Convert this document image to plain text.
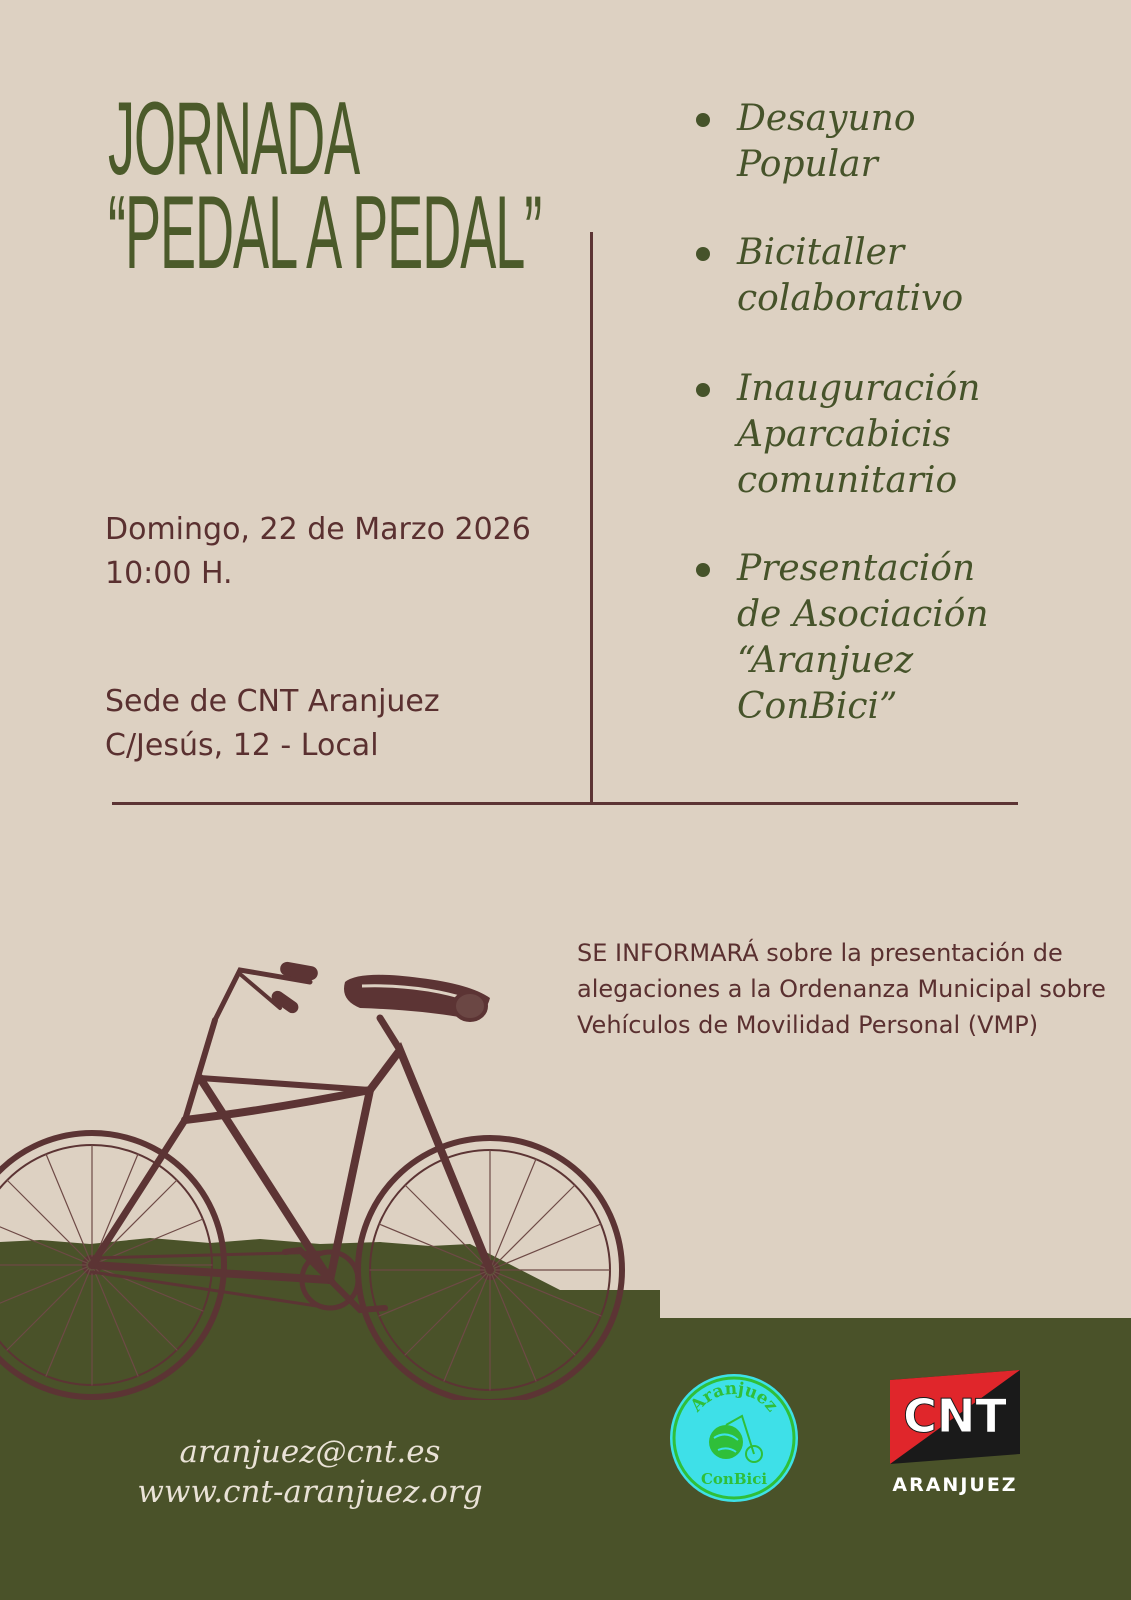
JORNADA
“PEDAL A PEDAL”
Domingo, 22 de Marzo 2026
10:00 H.
Sede de CNT Aranjuez
C/Jesús, 12 - Local
Desayuno
Popular
Bicitaller
colaborativo
Inauguración
Aparcabicis
comunitario
Presentación
de Asociación
“Aranjuez
ConBici”
SE INFORMARÁ sobre la presentación de alegaciones a la Ordenanza Municipal sobre Vehículos de Movilidad Personal (VMP)
aranjuez@cnt.es
www.cnt-aranjuez.org
Aranjuez
ConBici
CNT
ARANJUEZ
